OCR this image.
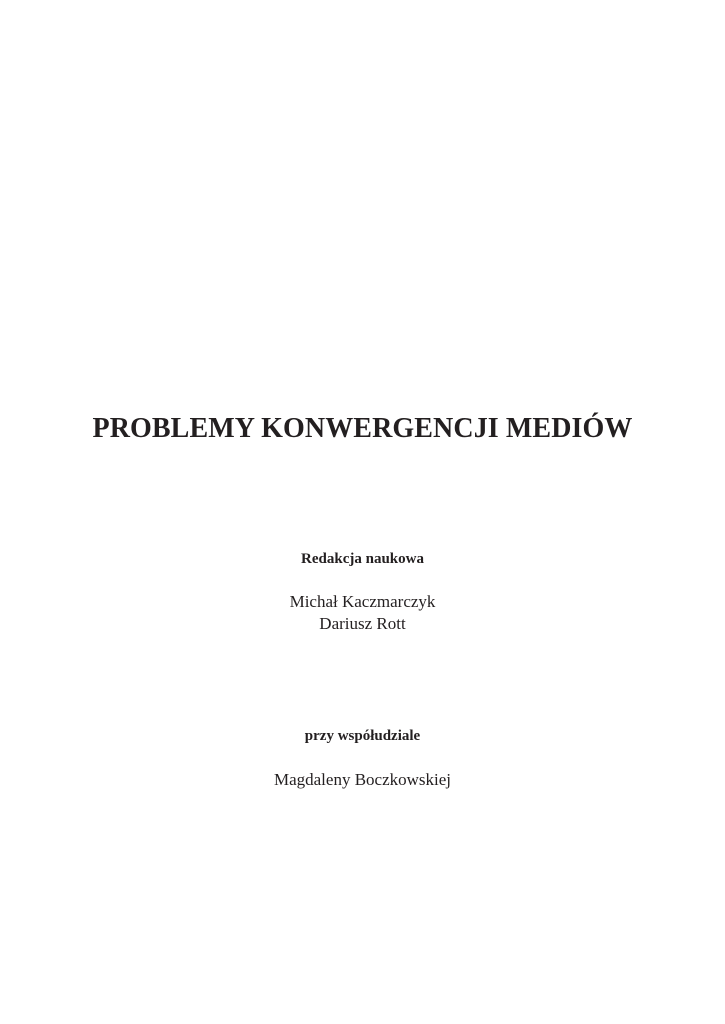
PROBLEMY KONWERGENCJI MEDIÓW

Redakcja naukowa

Michał Kaczmarczyk

Dariusz Rott

przy współudziale

Magdaleny Boczkowskiej
